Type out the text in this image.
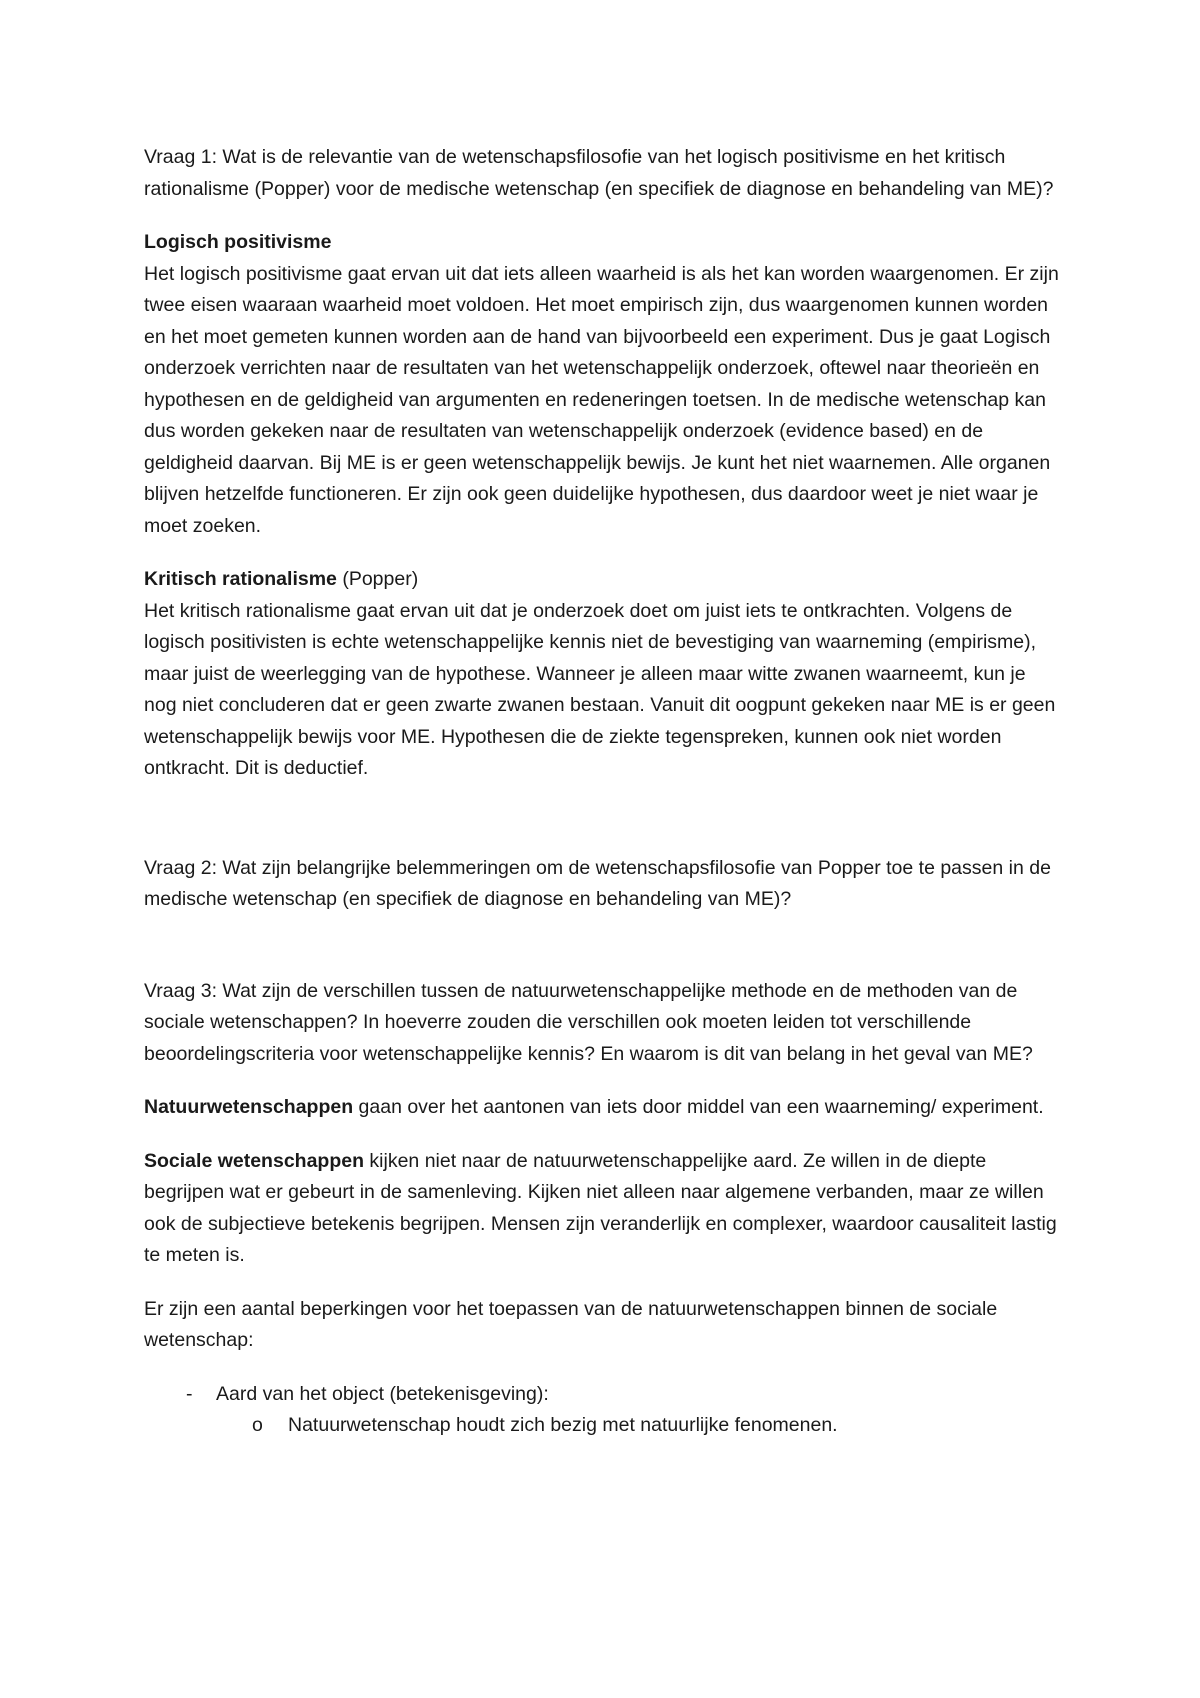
Vraag 1: Wat is de relevantie van de wetenschapsfilosofie van het logisch positivisme en het kritisch rationalisme (Popper) voor de medische wetenschap (en specifiek de diagnose en behandeling van ME)?

Logisch positivisme

Het logisch positivisme gaat ervan uit dat iets alleen waarheid is als het kan worden waargenomen. Er zijn twee eisen waaraan waarheid moet voldoen. Het moet empirisch zijn, dus waargenomen kunnen worden en het moet gemeten kunnen worden aan de hand van bijvoorbeeld een experiment. Dus je gaat Logisch onderzoek verrichten naar de resultaten van het wetenschappelijk onderzoek, oftewel naar theorieën en hypothesen en de geldigheid van argumenten en redeneringen toetsen. In de medische wetenschap kan dus worden gekeken naar de resultaten van wetenschappelijk onderzoek (evidence based) en de geldigheid daarvan. Bij ME is er geen wetenschappelijk bewijs. Je kunt het niet waarnemen. Alle organen blijven hetzelfde functioneren. Er zijn ook geen duidelijke hypothesen, dus daardoor weet je niet waar je moet zoeken.

Kritisch rationalisme (Popper)

Het kritisch rationalisme gaat ervan uit dat je onderzoek doet om juist iets te ontkrachten. Volgens de logisch positivisten is echte wetenschappelijke kennis niet de bevestiging van waarneming (empirisme), maar juist de weerlegging van de hypothese. Wanneer je alleen maar witte zwanen waarneemt, kun je nog niet concluderen dat er geen zwarte zwanen bestaan. Vanuit dit oogpunt gekeken naar ME is er geen wetenschappelijk bewijs voor ME. Hypothesen die de ziekte tegenspreken, kunnen ook niet worden ontkracht. Dit is deductief.

Vraag 2: Wat zijn belangrijke belemmeringen om de wetenschapsfilosofie van Popper toe te passen in de medische wetenschap (en specifiek de diagnose en behandeling van ME)?

Vraag 3: Wat zijn de verschillen tussen de natuurwetenschappelijke methode en de methoden van de sociale wetenschappen? In hoeverre zouden die verschillen ook moeten leiden tot verschillende beoordelingscriteria voor wetenschappelijke kennis? En waarom is dit van belang in het geval van ME?

Natuurwetenschappen gaan over het aantonen van iets door middel van een waarneming/ experiment.

Sociale wetenschappen kijken niet naar de natuurwetenschappelijke aard. Ze willen in de diepte begrijpen wat er gebeurt in de samenleving. Kijken niet alleen naar algemene verbanden, maar ze willen ook de subjectieve betekenis begrijpen. Mensen zijn veranderlijk en complexer, waardoor causaliteit lastig te meten is.

Er zijn een aantal beperkingen voor het toepassen van de natuurwetenschappen binnen de sociale wetenschap:

- Aard van het object (betekenisgeving):
o Natuurwetenschap houdt zich bezig met natuurlijke fenomenen.
